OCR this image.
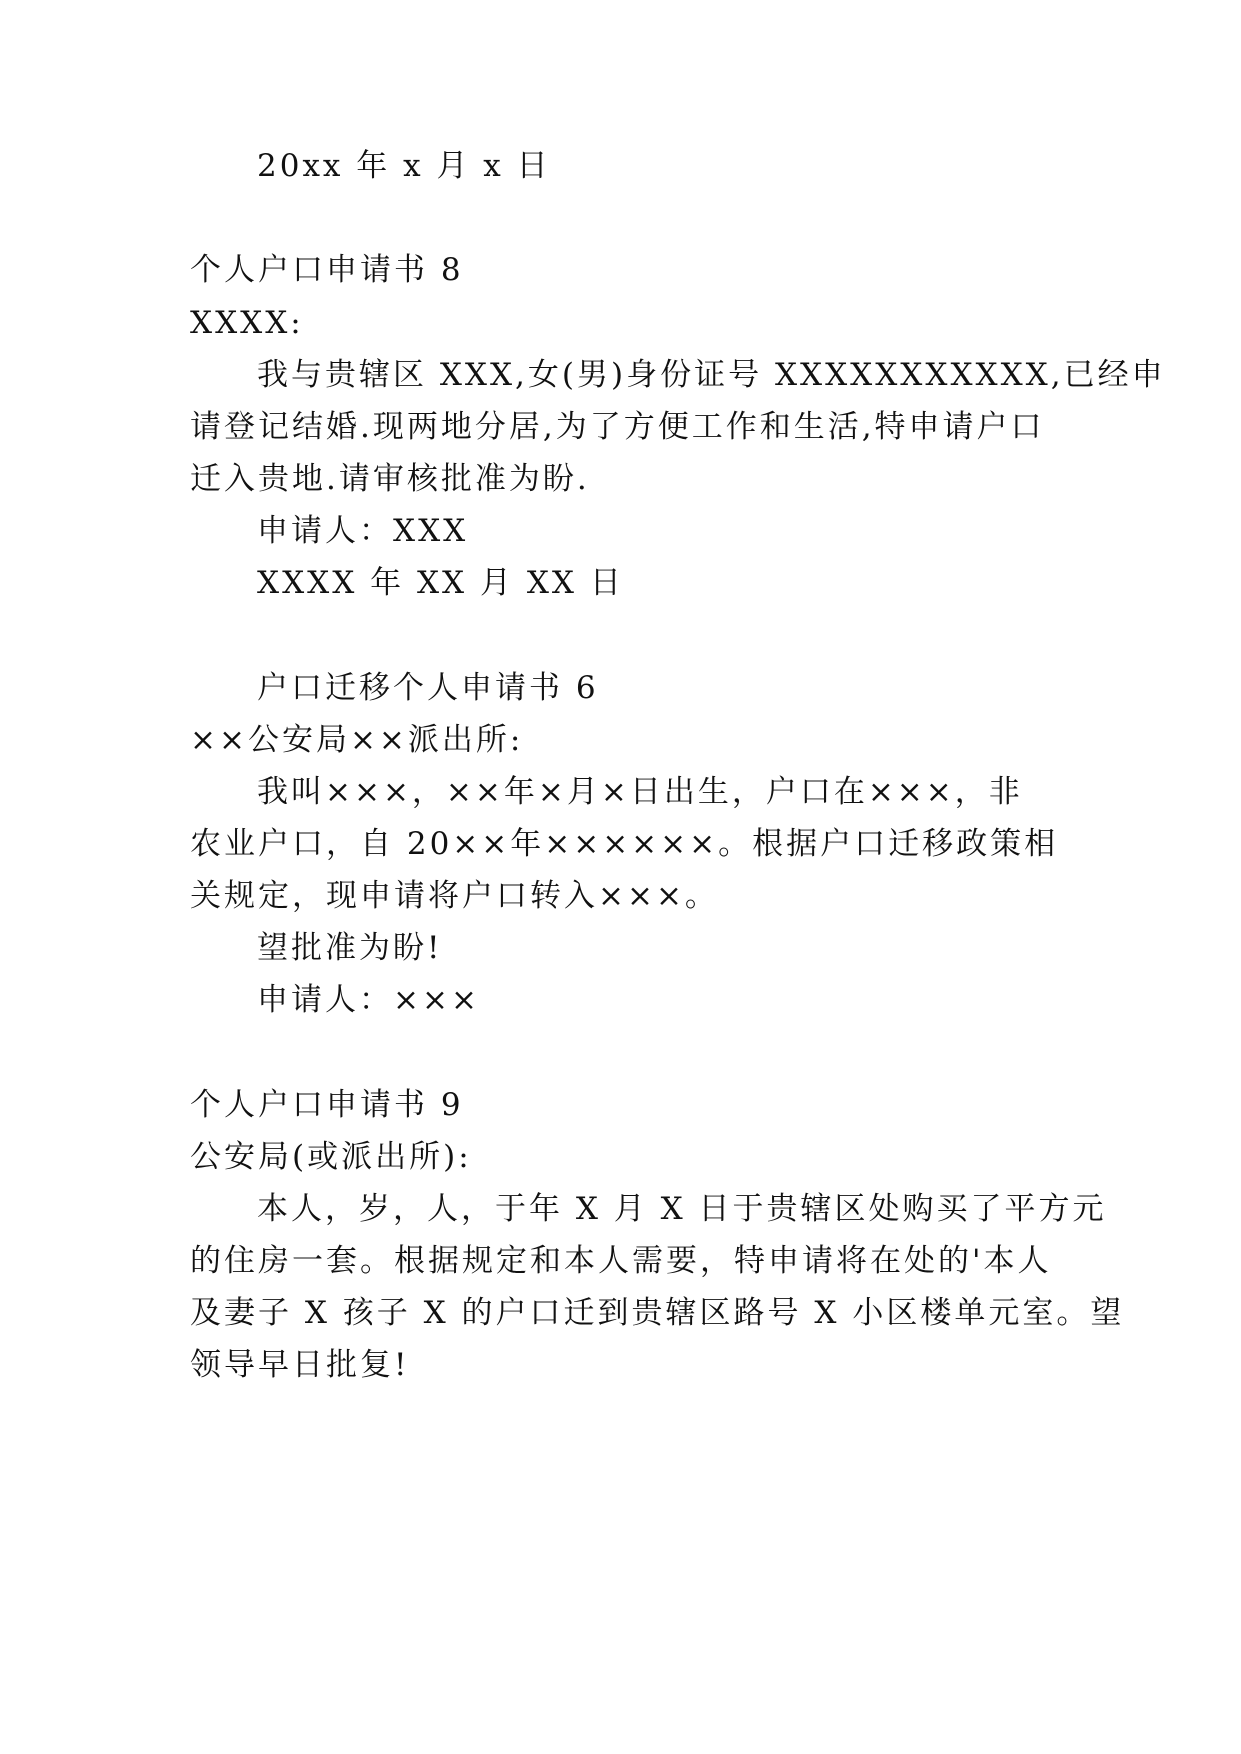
20xx 年 x 月 x 日
个人户口申请书 8
XXXX:
我与贵辖区 XXX,女(男)身份证号 XXXXXXXXXXX,已经申
请登记结婚.现两地分居,为了方便工作和生活,特申请户口
迁入贵地.请审核批准为盼.
申请人：XXX
XXXX 年 XX 月 XX 日
户口迁移个人申请书 6
××公安局××派出所:
我叫×××，××年×月×日出生，户口在×××，非
农业户口，自 20××年××××××。根据户口迁移政策相
关规定，现申请将户口转入×××。
望批准为盼!
申请人：×××
个人户口申请书 9
公安局(或派出所):
本人，岁，人，于年 X 月 X 日于贵辖区处购买了平方元
的住房一套。根据规定和本人需要，特申请将在处的'本人
及妻子 X 孩子 X 的户口迁到贵辖区路号 X 小区楼单元室。望
领导早日批复!
